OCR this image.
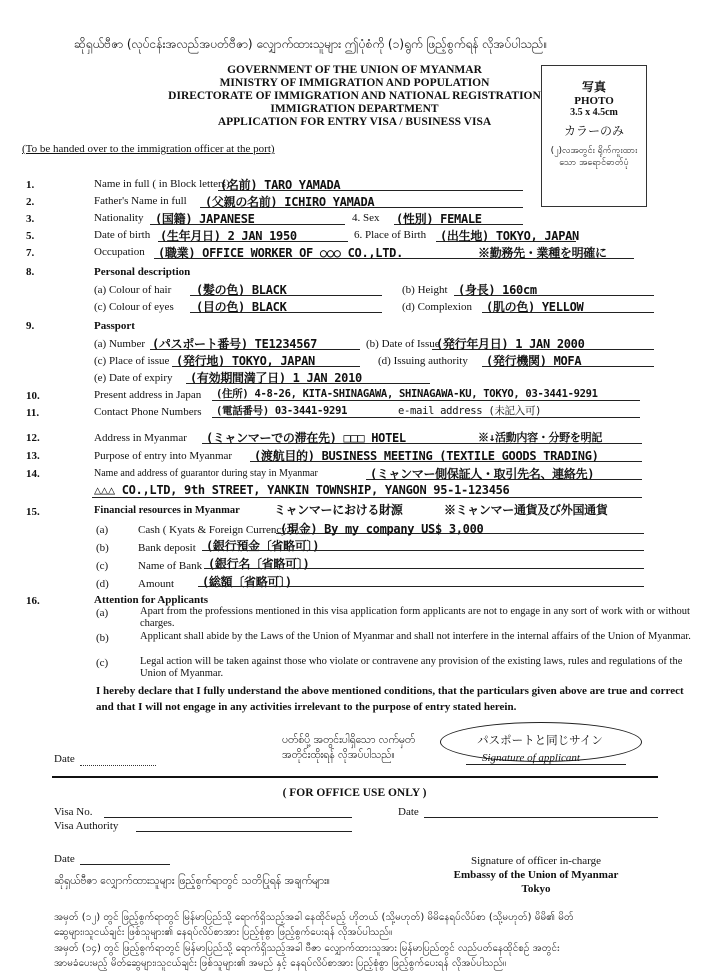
ဆိုရှယ်ဗီဇာ (လုပ်ငန်းအလည်အပတ်ဗီဇာ) လျှောက်ထားသူများ ဤပုံစံကို (၁)ရွက် ဖြည့်စွက်ရန် လိုအပ်ပါသည်။
GOVERNMENT OF THE UNION OF MYANMAR
MINISTRY OF IMMIGRATION AND POPULATION
DIRECTORATE OF IMMIGRATION AND NATIONAL REGISTRATION
IMMIGRATION DEPARTMENT
APPLICATION FOR ENTRY VISA / BUSINESS VISA
写真
PHOTO
3.5 x 4.5cm
カラーのみ
(၂)လအတွင်း ရိုက်ကူးထားသော အရောင်ဓာတ်ပုံ
(To be handed over to the immigration officer at the port)
1.	Name in full ( in Block letters)
(名前) TARO YAMADA
2.	Father's Name in full (父親の名前) ICHIRO YAMADA
3.	Nationality (国籍) JAPANESE	4. Sex (性別) FEMALE
5.	Date of birth (生年月日) 2 JAN 1950	6. Place of Birth (出生地) TOKYO, JAPAN
7.	Occupation (職業) OFFICE WORKER OF ○○○ CO.,LTD.	※勤務先・業種を明確に
8.	Personal description
(a) Colour of hair (髪の色) BLACK	(b) Height (身長) 160cm
(c) Colour of eyes (目の色) BLACK	(d) Complexion (肌の色) YELLOW
9.	Passport
(a) Number (パスポート番号) TE1234567	(b) Date of Issue
(発行年月日) 1 JAN 2000
(c) Place of issue (発行地) TOKYO, JAPAN	(d) Issuing authority (発行機関) MOFA
(e) Date of expiry (有効期間満了日) 1 JAN 2010
10.	Present address in Japan (住所) 4-8-26, KITA-SHINAGAWA, SHINAGAWA-KU, TOKYO, 03-3441-9291
11.	Contact Phone Numbers (電話番号) 03-3441-9291	e-mail address (未記入可)
12.	Address in Myanmar (ミャンマーでの滞在先) □□□ HOTEL	※↓活動内容・分野を明記
13.	Purpose of entry into Myanmar (渡航目的) BUSINESS MEETING (TEXTILE GOODS TRADING)
14.	Name and address of guarantor during stay in Myanmar	(ミャンマー側保証人・取引先名、連絡先)
△△△ CO.,LTD, 9th STREET, YANKIN TOWNSHIP, YANGON 95-1-123456
15.	Financial resources in Myanmar	ミャンマーにおける財源	※ミャンマー通貨及び外国通貨
(a)	Cash ( Kyats & Foreign Currency )
(現金) By my company US$ 3,000
(b)	Bank deposit (銀行預金〔省略可〕)
(c)	Name of Bank (銀行名〔省略可〕)
(d)	Amount (総額〔省略可〕)
16.	Attention for Applicants
(a)	Apart from the professions mentioned in this visa application form applicants are not to engage in any sort of work with or without charges.
(b)	Applicant shall abide by the Laws of the Union of Myanmar and shall not interfere in the internal affairs of the Union of Myanmar.
(c)	Legal action will be taken against those who violate or contravene any provision of the existing laws, rules and regulations of the Union of Myanmar.
I hereby declare that I fully understand the above mentioned conditions, that the particulars given above are true and correct and that I will not engage in any activities irrelevant to the purpose of entry stated herein.
ပတ်စ်ပို့ အတွင်းပါရှိသော လက်မှတ် အတိုင်းထိုးရန် လိုအပ်ပါသည်။
パスポートと同じサイン
Signature of applicant
Date
( FOR OFFICE USE ONLY )
Visa No.	Date
Visa Authority
Date	Signature of officer in-charge
Embassy of the Union of Myanmar
Tokyo
ဆိုရှယ်ဗီဇာ လျှောက်ထားသူများ ဖြည့်စွက်ရာတွင် သတိပြုရန် အချက်များ။
အမှတ် (၁၂) တွင် ဖြည့်စွက်ရာတွင် မြန်မာပြည်သို့ ရောက်ရှိသည့်အခါ နေထိုင်မည့် ဟိုတယ် (သို့မဟုတ်) မိမိနေရပ်လိပ်စာ (သို့မဟုတ်) မိမိ၏ မိတ်
ဆွေများ၊သူငယ်ချင်း ဖြစ်သူများ၏ နေရပ်လိပ်စာအား ပြည့်စုံစွာ ဖြည့်စွက်ပေးရန် လိုအပ်ပါသည်။
အမှတ် (၁၄) တွင် ဖြည့်စွက်ရာတွင် မြန်မာပြည်သို့ ရောက်ရှိသည့်အခါ ဗီဇာ လျှောက်ထားသူအား မြန်မာပြည်တွင် လည်ပတ်နေထိုင်စဉ် အတွင်း
အာမခံပေးမည့် မိတ်ဆွေများ၊သူငယ်ချင်း ဖြစ်သူများ၏ အမည် နှင့် နေရပ်လိပ်စာအား ပြည့်စုံစွာ ဖြည့်စွက်ပေးရန် လိုအပ်ပါသည်။
